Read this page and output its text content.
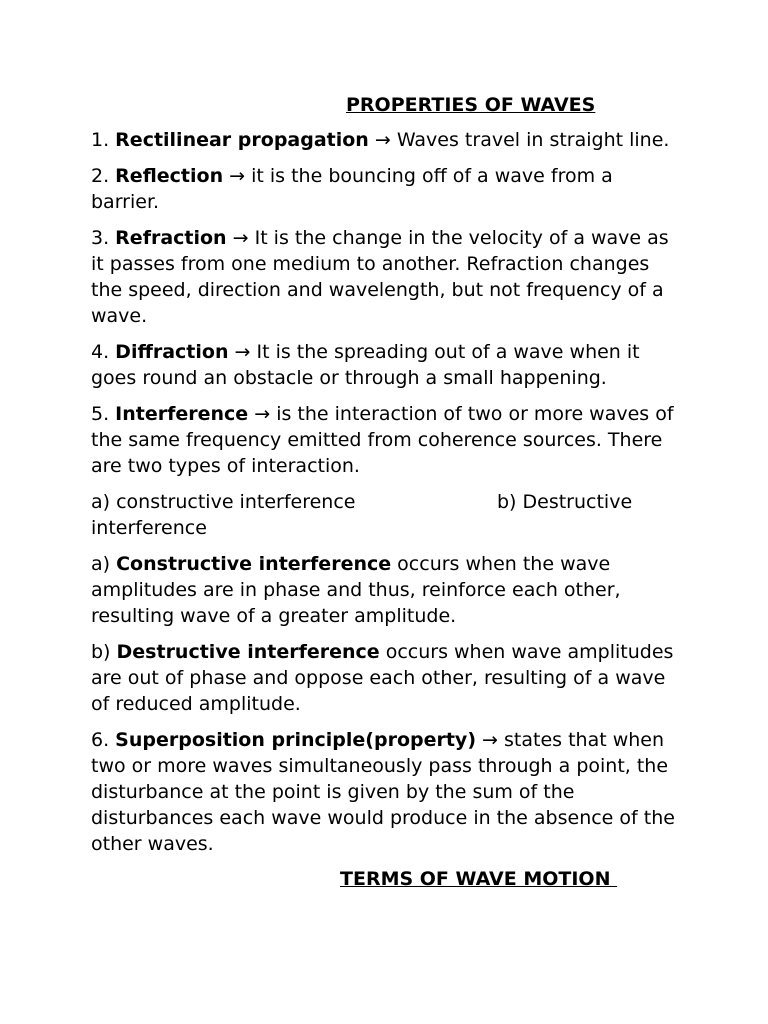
PROPERTIES OF WAVES

1. Rectilinear propagation → Waves travel in straight line.

2. Reflection → it is the bouncing off of a wave from a barrier.

3. Refraction → It is the change in the velocity of a wave as it passes from one medium to another. Refraction changes the speed, direction and wavelength, but not frequency of a wave.

4. Diffraction → It is the spreading out of a wave when it goes round an obstacle or through a small happening.

5. Interference → is the interaction of two or more waves of the same frequency emitted from coherence sources. There are two types of interaction.

a) constructive interference	b) Destructive interference

a) Constructive interference occurs when the wave amplitudes are in phase and thus, reinforce each other, resulting wave of a greater amplitude.

b) Destructive interference occurs when wave amplitudes are out of phase and oppose each other, resulting of a wave of reduced amplitude.

6. Superposition principle(property) → states that when two or more waves simultaneously pass through a point, the disturbance at the point is given by the sum of the disturbances each wave would produce in the absence of the other waves.

TERMS OF WAVE MOTION
